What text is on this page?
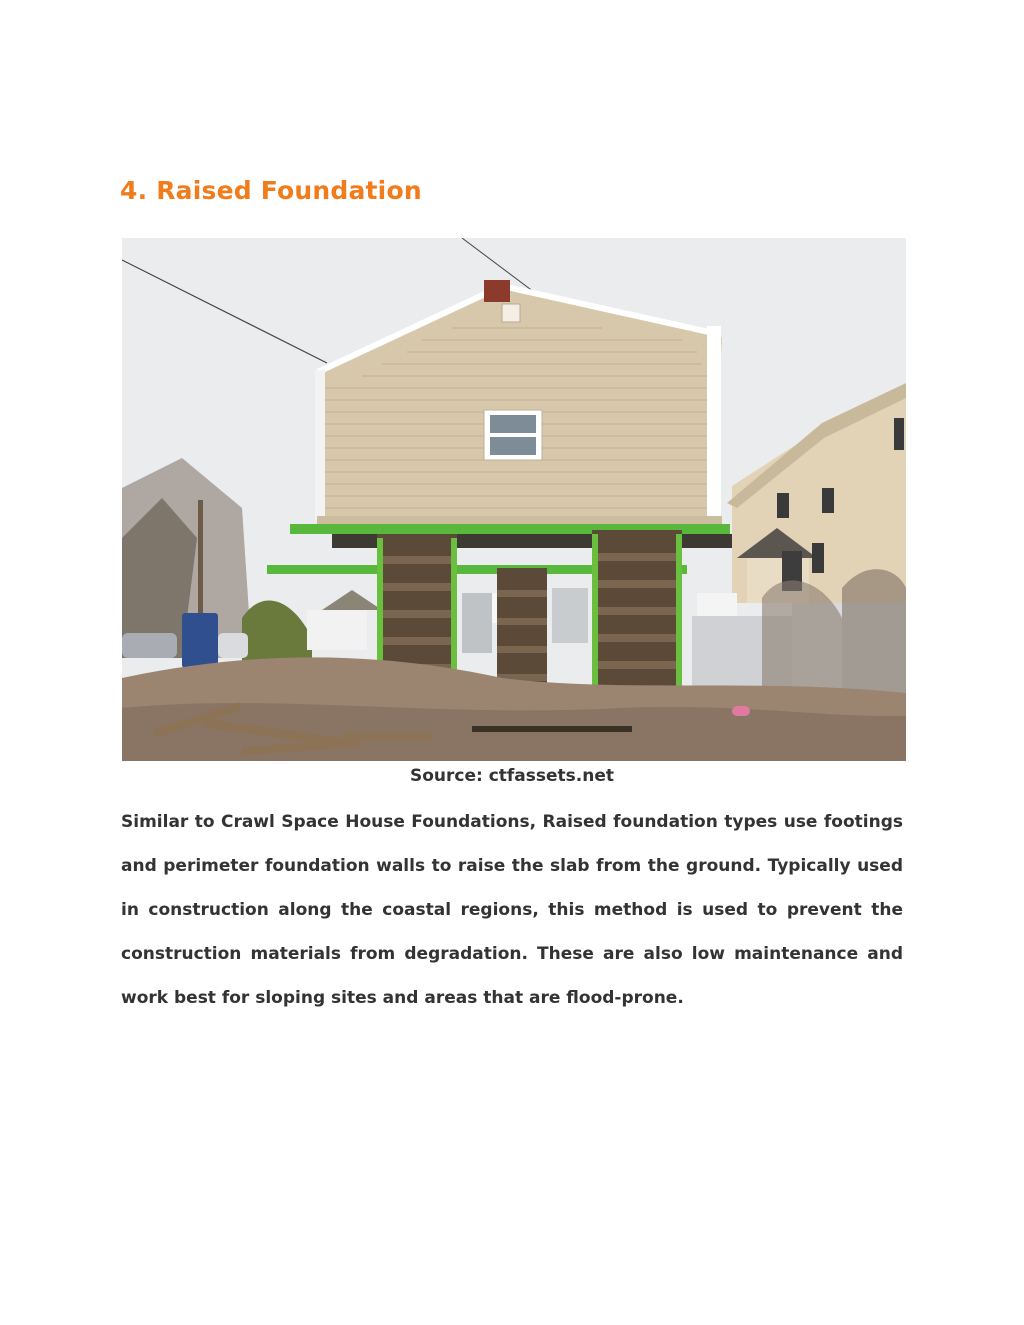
4. Raised Foundation
Source: ctfassets.net

Similar to Crawl Space House Foundations, Raised foundation types use footings and perimeter foundation walls to raise the slab from the ground. Typically used in construction along the coastal regions, this method is used to prevent the construction materials from degradation. These are also low maintenance and work best for sloping sites and areas that are flood-prone.
